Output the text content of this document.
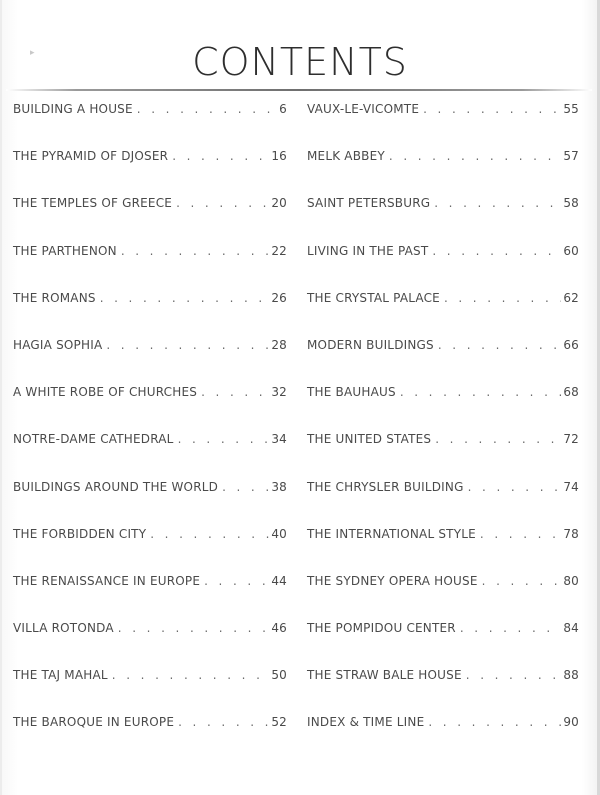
▸	CONTENTS
BUILDING A HOUSE . . .	6
THE PYRAMID OF DJOSER . . .	16
THE TEMPLES OF GREECE . . .	20
THE PARTHENON . . .	22
THE ROMANS . . .	26
HAGIA SOPHIA . . .	28
A WHITE ROBE OF CHURCHES . . .	32
NOTRE-DAME CATHEDRAL . . .	34
BUILDINGS AROUND THE WORLD . . .	38
THE FORBIDDEN CITY . . .	40
THE RENAISSANCE IN EUROPE . . .	44
VILLA ROTONDA . . .	46
THE TAJ MAHAL . . .	50
THE BAROQUE IN EUROPE . . .	52
VAUX-LE-VICOMTE . . .	55
MELK ABBEY . . .	57
SAINT PETERSBURG . . .	58
LIVING IN THE PAST . . .	60
THE CRYSTAL PALACE . . .	62
MODERN BUILDINGS . . .	66
THE BAUHAUS . . .	68
THE UNITED STATES . . .	72
THE CHRYSLER BUILDING . . .	74
THE INTERNATIONAL STYLE . . .	78
THE SYDNEY OPERA HOUSE . . .	80
THE POMPIDOU CENTER . . .	84
THE STRAW BALE HOUSE . . .	88
INDEX & TIME LINE . . .	90
